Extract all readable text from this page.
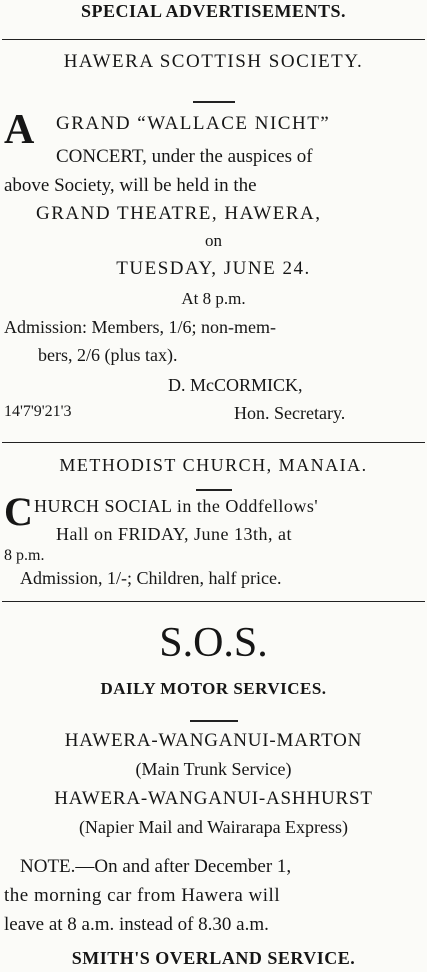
SPECIAL ADVERTISEMENTS.
HAWERA SCOTTISH SOCIETY.
A GRAND “WALLACE NICHT”
CONCERT, under the auspices of
above Society, will be held in the
GRAND THEATRE, HAWERA,
on
TUESDAY, JUNE 24.
At 8 p.m.
Admission: Members, 1/6; non-mem-
bers, 2/6 (plus tax).
D. McCORMICK,
14'7'9'21'3	Hon. Secretary.
METHODIST CHURCH, MANAIA.
C HURCH SOCIAL in the Oddfellows'
Hall on FRIDAY, June 13th, at
8 p.m.
Admission, 1/-; Children, half price.
S.O.S.
DAILY MOTOR SERVICES.
HAWERA-WANGANUI-MARTON
(Main Trunk Service)
HAWERA-WANGANUI-ASHHURST
(Napier Mail and Wairarapa Express)
NOTE.—On and after December 1,
the morning car from Hawera will
leave at 8 a.m. instead of 8.30 a.m.
SMITH'S OVERLAND SERVICE.
